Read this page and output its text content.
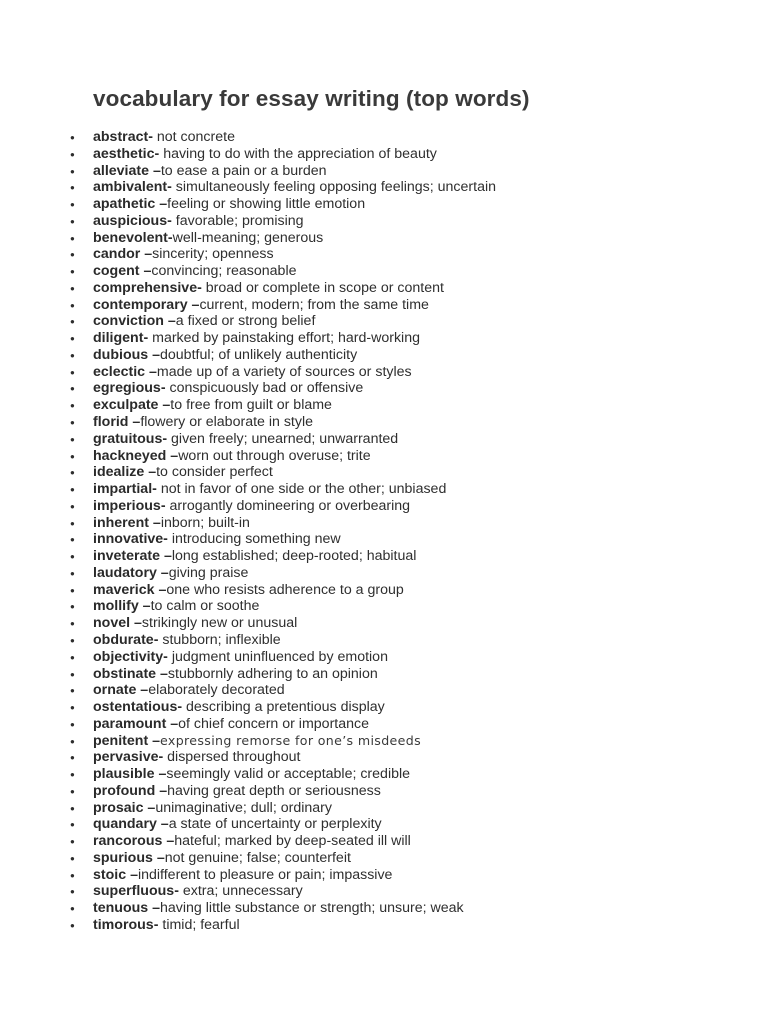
vocabulary for essay writing (top words)
● abstract- not concrete
● aesthetic- having to do with the appreciation of beauty
● alleviate –to ease a pain or a burden
● ambivalent- simultaneously feeling opposing feelings; uncertain
● apathetic –feeling or showing little emotion
● auspicious- favorable; promising
● benevolent-well-meaning; generous
● candor –sincerity; openness
● cogent –convincing; reasonable
● comprehensive- broad or complete in scope or content
● contemporary –current, modern; from the same time
● conviction –a fixed or strong belief
● diligent- marked by painstaking effort; hard-working
● dubious –doubtful; of unlikely authenticity
● eclectic –made up of a variety of sources or styles
● egregious- conspicuously bad or offensive
● exculpate –to free from guilt or blame
● florid –flowery or elaborate in style
● gratuitous- given freely; unearned; unwarranted
● hackneyed –worn out through overuse; trite
● idealize –to consider perfect
● impartial- not in favor of one side or the other; unbiased
● imperious- arrogantly domineering or overbearing
● inherent –inborn; built-in
● innovative- introducing something new
● inveterate –long established; deep-rooted; habitual
● laudatory –giving praise
● maverick –one who resists adherence to a group
● mollify –to calm or soothe
● novel –strikingly new or unusual
● obdurate- stubborn; inflexible
● objectivity- judgment uninfluenced by emotion
● obstinate –stubbornly adhering to an opinion
● ornate –elaborately decorated
● ostentatious- describing a pretentious display
● paramount –of chief concern or importance
● penitent –expressing remorse for one’s misdeeds
● pervasive- dispersed throughout
● plausible –seemingly valid or acceptable; credible
● profound –having great depth or seriousness
● prosaic –unimaginative; dull; ordinary
● quandary –a state of uncertainty or perplexity
● rancorous –hateful; marked by deep-seated ill will
● spurious –not genuine; false; counterfeit
● stoic –indifferent to pleasure or pain; impassive
● superfluous- extra; unnecessary
● tenuous –having little substance or strength; unsure; weak
● timorous- timid; fearful
